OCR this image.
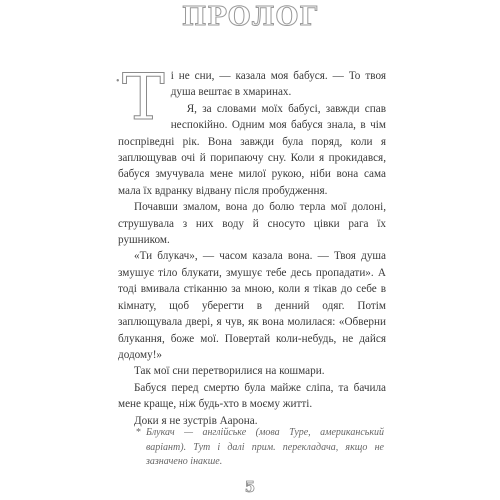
ПРОЛОГ
• Ті не сни, — казала моя бабуся. — То твоя душа вештає в хмаринах.

Я, за словами моїх бабусі, завжди спав неспокійно. Одним моя бабуся знала, в чім поспріведні рік. Вона завжди була поряд, коли я заплющував очі й порипаючу сну. Коли я прокидався, бабуся змучувала мене милої рукою, ніби вона сама мала їх вдранку відвану після пробудження.

Почавши змалом, вона до болю терла мої долоні, струшувала з них воду й сносуто цівки рага їх рушником.

«Ти блукач», — часом казала вона. — Твоя душа змушує тіло блукати, змушує тебе десь пропадати». А тоді вмивала стіканню за мною, коли я тікав до себе в кімнату, щоб уберегти в денний одяг. Потім заплющувала двері, я чув, як вона молилася: «Обверни блукання, боже мої. Повертай коли-небудь, не дайся додому!»

Так мої сни перетворилися на кошмари.

Бабуся перед смертю була майже сліпа, та бачила мене краще, ніж будь-хто в моєму житті.

Доки я не зустрів Аарона.

* Блукач — англійське (мова Туре, американський варіант). Тут і далі прим. перекладача, якщо не зазначено інакше.
5
